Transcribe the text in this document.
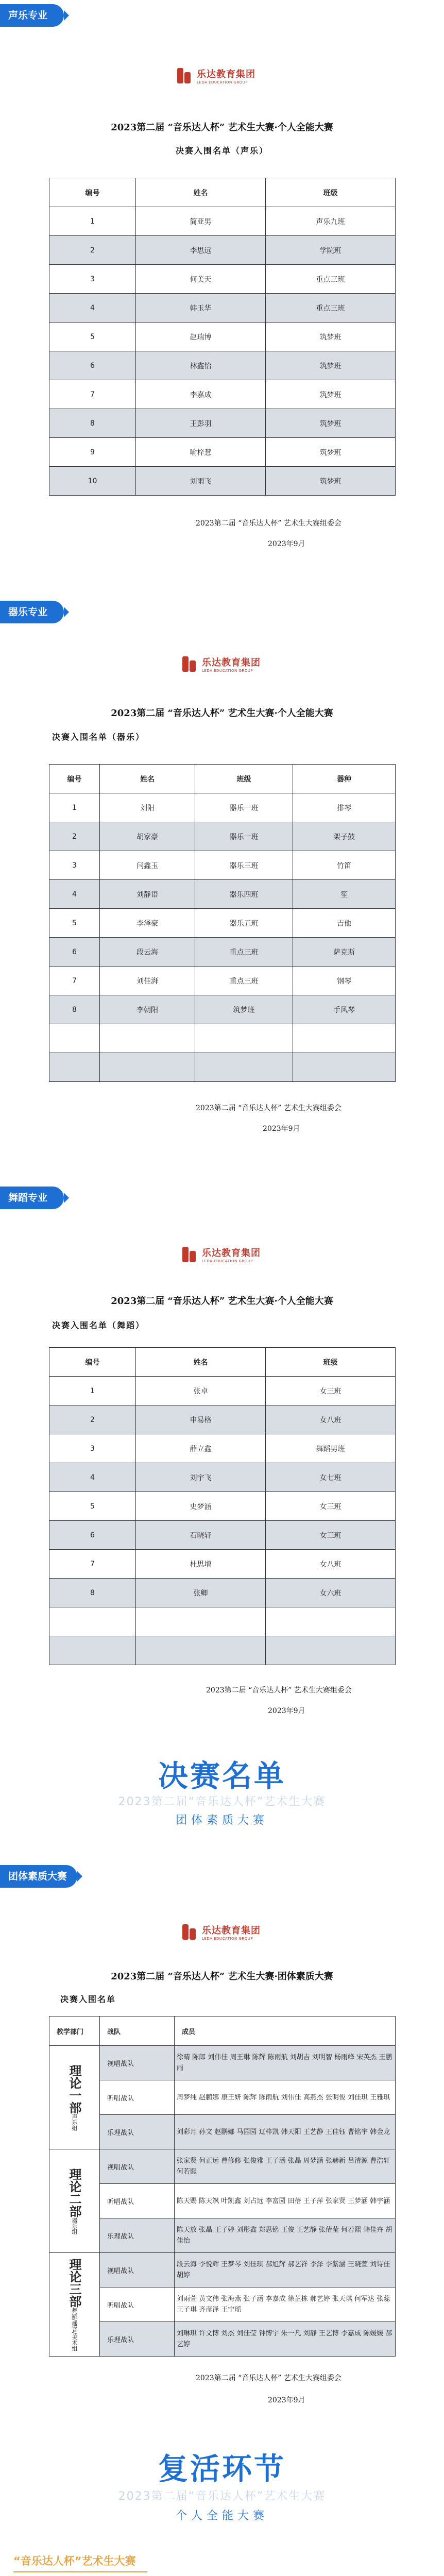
声乐专业
乐达教育集团
LEDA EDUCATION GROUP
2023第二届 “音乐达人杯” 艺术生大赛·个人全能大赛
决赛入围名单（声乐）
编号	姓名	班级
1	简亚男	声乐九班
2	李思远	学院班
3	何美天	重点三班
4	韩玉华	重点三班
5	赵瑞博	筑梦班
6	林鑫怡	筑梦班
7	李嘉成	筑梦班
8	王彭羽	筑梦班
9	喻梓慧	筑梦班
10	刘雨飞	筑梦班
2023第二届 “音乐达人杯” 艺术生大赛组委会
2023年9月
器乐专业
乐达教育集团
LEDA EDUCATION GROUP
2023第二届 “音乐达人杯” 艺术生大赛·个人全能大赛
决赛入围名单（器乐）
编号	姓名	班级	器种
1	刘阳	器乐一班	排琴
2	胡家豪	器乐一班	架子鼓
3	闫鑫玉	器乐三班	竹笛
4	刘静语	器乐四班	笙
5	李泽豪	器乐五班	吉他
6	段云海	重点三班	萨克斯
7	刘佳湃	重点三班	钢琴
8	李朝阳	筑梦班	手风琴

2023第二届 “音乐达人杯” 艺术生大赛组委会
2023年9月
舞蹈专业
乐达教育集团
LEDA EDUCATION GROUP
2023第二届 “音乐达人杯” 艺术生大赛·个人全能大赛
决赛入围名单（舞蹈）
编号	姓名	班级
1	张卓	女三班
2	申易格	女八班
3	薛立鑫	舞蹈男班
4	刘宇飞	女七班
5	史梦涵	女三班
6	石晓轩	女三班
7	杜思增	女八班
8	张卿	女六班

2023第二届 “音乐达人杯” 艺术生大赛组委会
2023年9月
决赛名单
2023第二届“音乐达人杯”艺术生大赛
团体素质大赛
团体素质大赛
乐达教育集团
LEDA EDUCATION GROUP
2023第二届 “音乐达人杯” 艺术生大赛·团体素质大赛
决赛入围名单
教学部门	战队	成员

理论一部声乐组	视唱战队	徐晴 陈郎 刘伟佳 周王琳 陈辉 陈雨航 刘胡吉 刘明智 杨雨峰 宋英杰 王鹏雨
	听唱战队	周梦纯 赵鹏娜 康王妍 陈辉 陈雨航 刘伟佳 高燕杰 张明俊 刘佳琪 王雅琪
	乐理战队	刘彩月 孙文 赵鹏娜 马园园 辽梓凯 韩天阳 王艺静 王佳钰 曹铭宇 韩金龙

理论二部器乐组	视唱战队	张家贤 何正远 曹修修 张俊雅 王子涵 张晶 周梦涵 张赫新 吕清源 曹浩轩 何若熙
	听唱战队	陈天赐 陈天飒 叶凯鑫 刘占远 李富园 田蓓 王子萍 张家贤 王梦涵 韩宇涵
	乐理战队	陈天放 张晶 王子婷 刘彤鑫 郑思铭 王俊 王艺静 张倩莹 何若熙 韩佳卉 胡佳怡

理论三部舞蹈/播音/美术组	视唱战队	段云海 李悦辉 王梦琴 刘佳琪 郝旭辉 郝艺祥 李泽 李紫涵 王晓萱 刘诗佳 胡婷
	听唱战队	刘雨萱 黄文伟 张海燕 张子涵 李嘉成 徐芷栋 郝艺婷 张天琪 何军达 张蕊 王子琪 齐彦泽 王宁瑶
	乐理战队	刘琳琪 许文博 刘杰 刘佳莹 钟博宇 朱一凡 刘静 王艺博 李嘉成 陈媛媛 郝艺婷
2023第二届 “音乐达人杯” 艺术生大赛组委会
2023年9月
复活环节
2023第二届“音乐达人杯”艺术生大赛
个人全能大赛
“音乐达人杯”艺术生大赛
